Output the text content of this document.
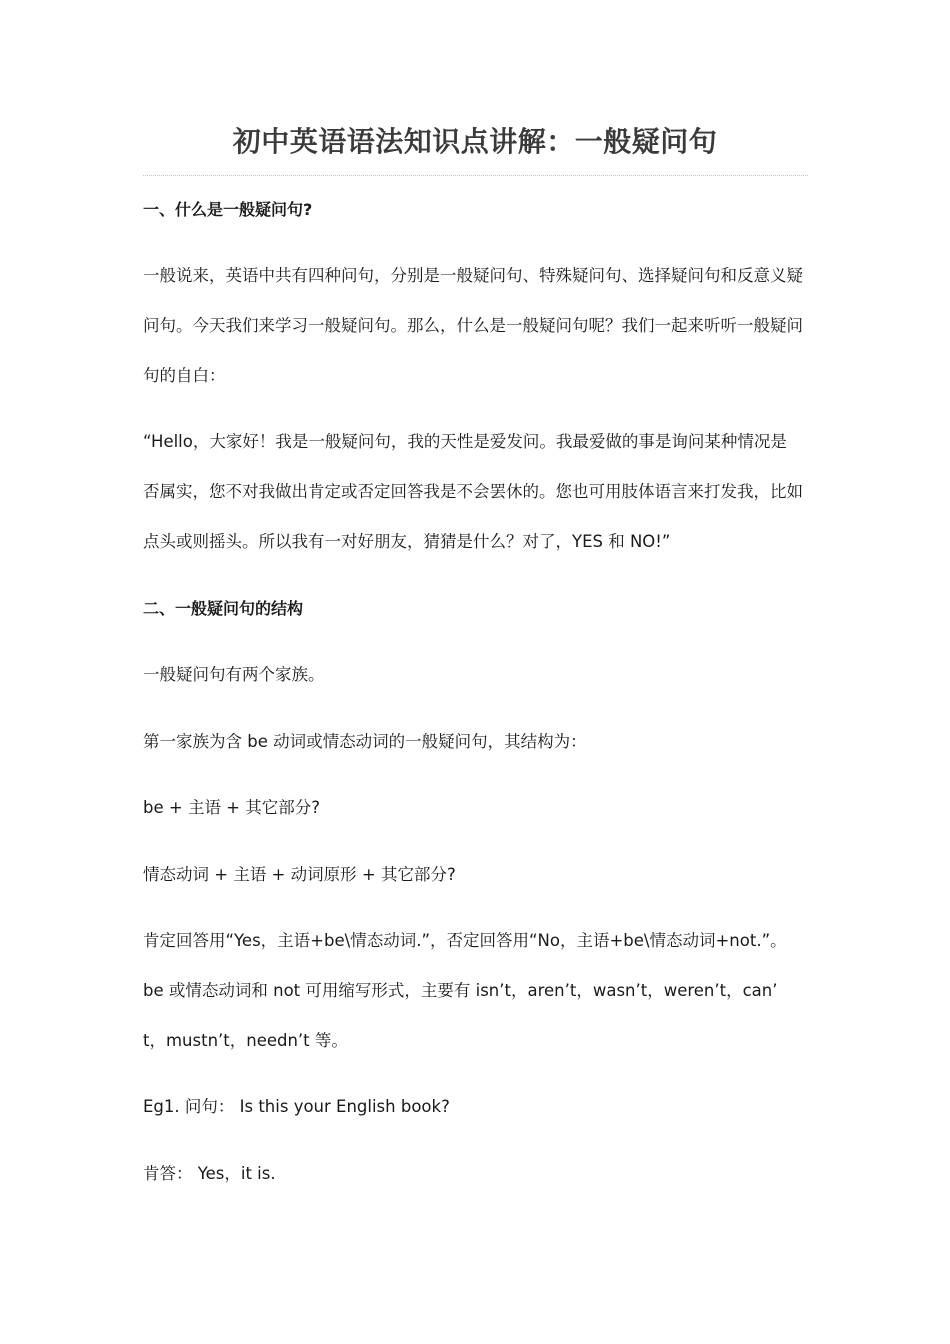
初中英语语法知识点讲解：一般疑问句
一、什么是一般疑问句?
一般说来，英语中共有四种问句，分别是一般疑问句、特殊疑问句、选择疑问句和反意义疑
问句。今天我们来学习一般疑问句。那么，什么是一般疑问句呢？我们一起来听听一般疑问
句的自白：
“Hello，大家好！我是一般疑问句，我的天性是爱发问。我最爱做的事是询问某种情况是
否属实，您不对我做出肯定或否定回答我是不会罢休的。您也可用肢体语言来打发我，比如
点头或则摇头。所以我有一对好朋友，猜猜是什么？对了，YES 和 NO!”
二、一般疑问句的结构
一般疑问句有两个家族。
第一家族为含 be 动词或情态动词的一般疑问句，其结构为：
be + 主语 + 其它部分?
情态动词 + 主语 + 动词原形 + 其它部分?
肯定回答用“Yes，主语+be\情态动词.”，否定回答用“No，主语+be\情态动词+not.”。
be 或情态动词和 not 可用缩写形式，主要有 isn’t，aren’t，wasn’t，weren’t，can’
t，mustn’t，needn’t 等。
Eg1. 问句： Is this your English book?
肯答： Yes，it is.
